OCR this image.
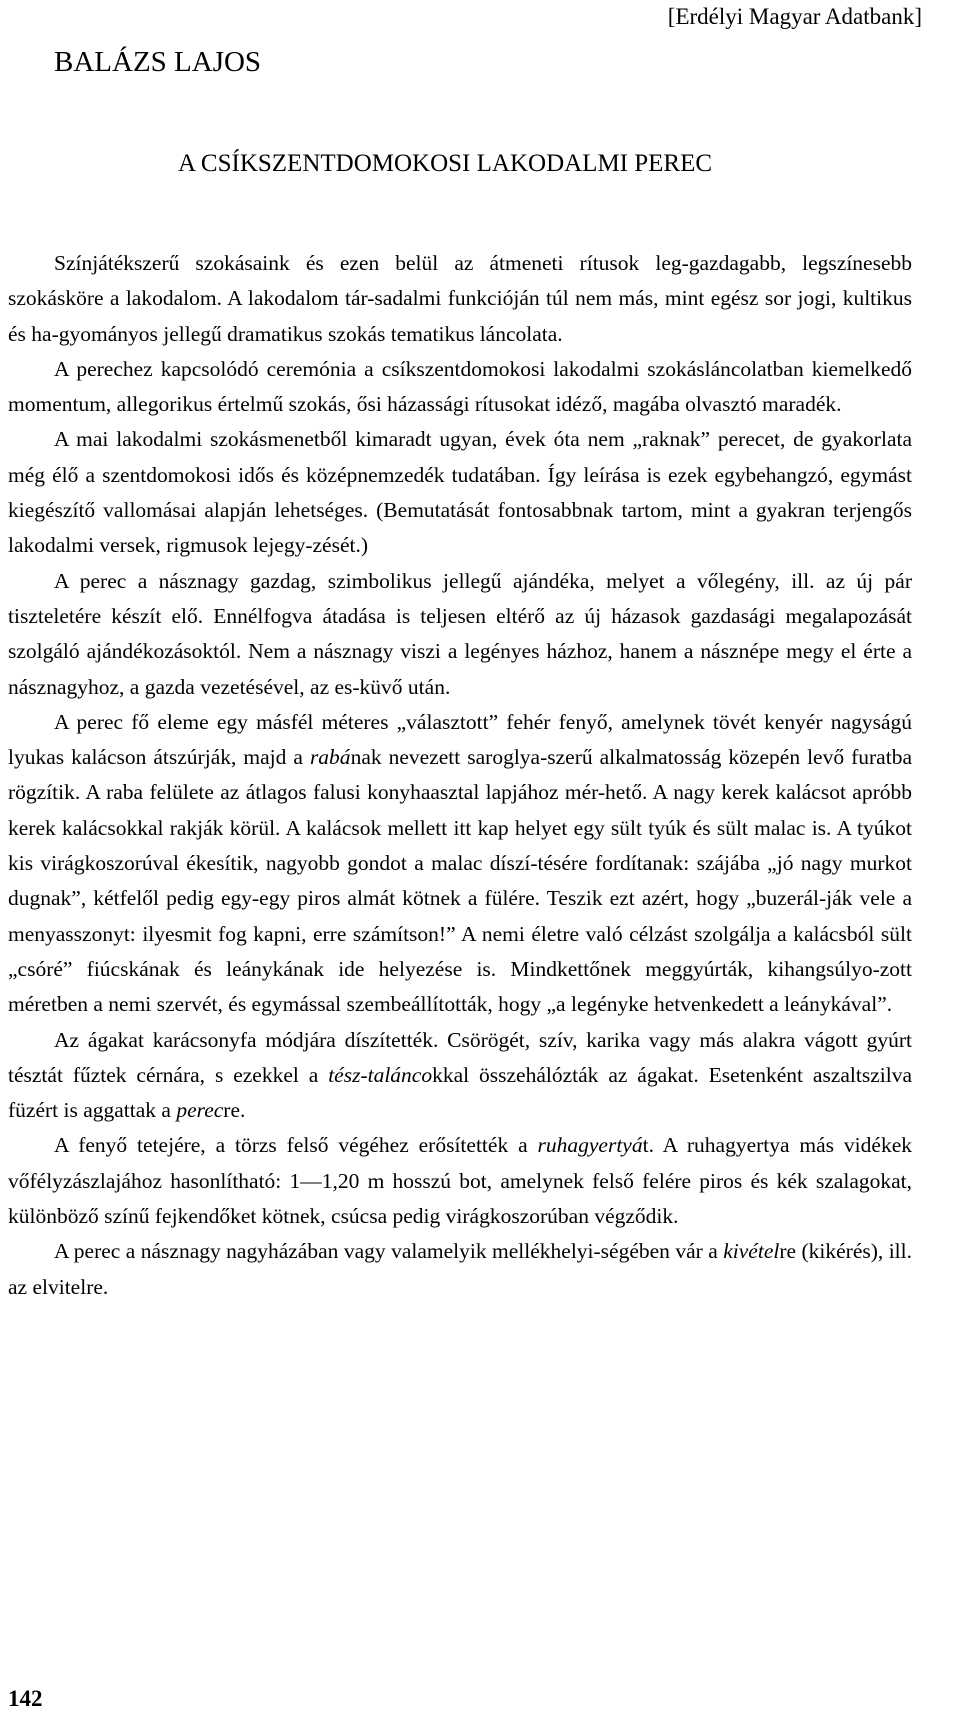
[Erdélyi Magyar Adatbank]
BALÁZS LAJOS
A CSÍKSZENTDOMOKOSI LAKODALMI PEREC

Színjátékszerű szokásaink és ezen belül az átmeneti rítusok leg-gazdagabb, legszínesebb szokásköre a lakodalom. A lakodalom tár-sadalmi funkcióján túl nem más, mint egész sor jogi, kultikus és ha-gyományos jellegű dramatikus szokás tematikus láncolata.

A perechez kapcsolódó ceremónia a csíkszentdomokosi lakodalmi szokásláncolatban kiemelkedő momentum, allegorikus értelmű szokás, ősi házassági rítusokat idéző, magába olvasztó maradék.

A mai lakodalmi szokásmenetből kimaradt ugyan, évek óta nem „raknak” perecet, de gyakorlata még élő a szentdomokosi idős és középnemzedék tudatában. Így leírása is ezek egybehangzó, egymást kiegészítő vallomásai alapján lehetséges. (Bemutatását fontosabbnak tartom, mint a gyakran terjengős lakodalmi versek, rigmusok lejegy-zését.)

A perec a násznagy gazdag, szimbolikus jellegű ajándéka, melyet a vőlegény, ill. az új pár tiszteletére készít elő. Ennélfogva átadása is teljesen eltérő az új házasok gazdasági megalapozását szolgáló ajándékozásoktól. Nem a násznagy viszi a legényes házhoz, hanem a násznépe megy el érte a násznagyhoz, a gazda vezetésével, az es-küvő után.

A perec fő eleme egy másfél méteres „választott” fehér fenyő, amelynek tövét kenyér nagyságú lyukas kalácson átszúrják, majd a rabának nevezett saroglya-szerű alkalmatosság közepén levő furatba rögzítik. A raba felülete az átlagos falusi konyhaasztal lapjához mér-hető. A nagy kerek kalácsot apróbb kerek kalácsokkal rakják körül. A kalácsok mellett itt kap helyet egy sült tyúk és sült malac is. A tyúkot kis virágkoszorúval ékesítik, nagyobb gondot a malac díszí-tésére fordítanak: szájába „jó nagy murkot dugnak”, kétfelől pedig egy-egy piros almát kötnek a fülére. Teszik ezt azért, hogy „buzerál-ják vele a menyasszonyt: ilyesmit fog kapni, erre számítson!” A nemi életre való célzást szolgálja a kalácsból sült „csóré” fiúcskának és leánykának ide helyezése is. Mindkettőnek meggyúrták, kihangsúlyo-zott méretben a nemi szervét, és egymással szembeállították, hogy „a legényke hetvenkedett a leánykával”.

Az ágakat karácsonyfa módjára díszítették. Csörögét, szív, karika vagy más alakra vágott gyúrt tésztát fűztek cérnára, s ezekkel a tész-taláncokkal összehálózták az ágakat. Esetenként aszaltszilva füzért is aggattak a perecre.

A fenyő tetejére, a törzs felső végéhez erősítették a ruhagyertyát. A ruhagyertya más vidékek vőfélyzászlajához hasonlítható: 1—1,20 m hosszú bot, amelynek felső felére piros és kék szalagokat, különböző színű fejkendőket kötnek, csúcsa pedig virágkoszorúban végződik.

A perec a násznagy nagyházában vagy valamelyik mellékhelyi-ségében vár a kivételre (kikérés), ill. az elvitelre.

142
